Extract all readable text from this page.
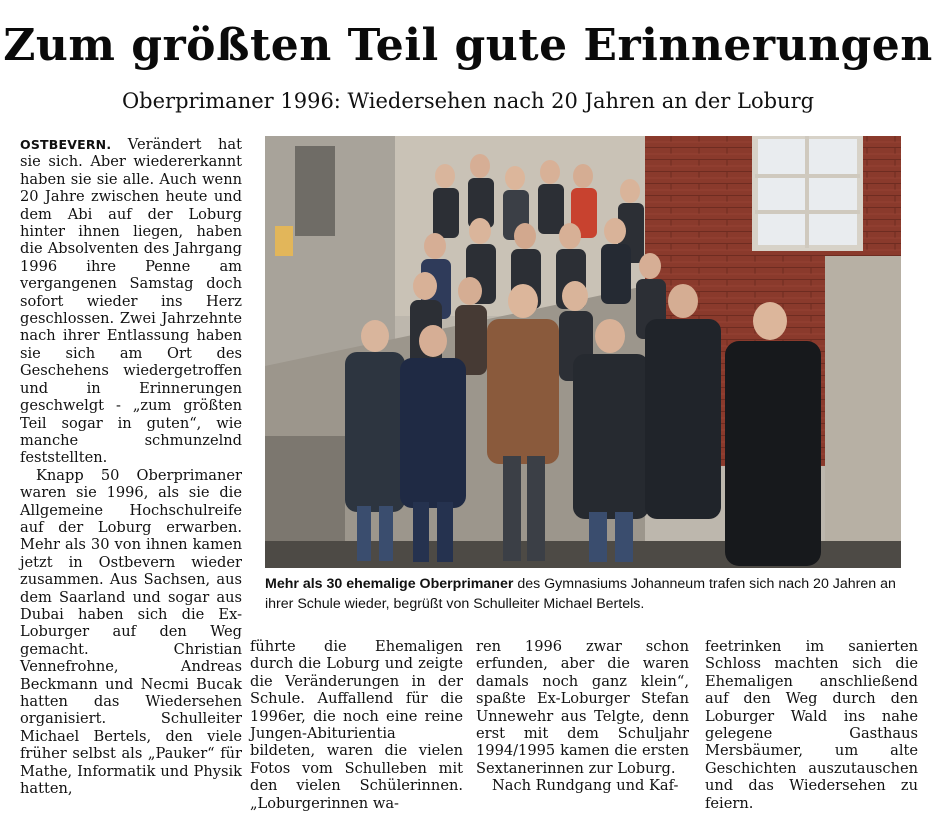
Zum größten Teil gute Erinnerungen
Oberprimaner 1996: Wiedersehen nach 20 Jahren an der Loburg

OSTBEVERN. Verändert hat sie sich. Aber wiedererkannt haben sie sie alle. Auch wenn 20 Jahre zwischen heute und dem Abi auf der Loburg hinter ihnen liegen, haben die Absolventen des Jahrgang 1996 ihre Penne am vergangenen Samstag doch sofort wieder ins Herz geschlossen. Zwei Jahrzehnte nach ihrer Entlassung haben sie sich am Ort des Geschehens wiedergetroffen und in Erinnerungen geschwelgt - „zum größten Teil sogar in guten“, wie manche schmunzelnd feststellten.

Knapp 50 Oberprimaner waren sie 1996, als sie die Allgemeine Hochschulreife auf der Loburg erwarben. Mehr als 30 von ihnen kamen jetzt in Ostbevern wieder zusammen. Aus Sachsen, aus dem Saarland und sogar aus Dubai haben sich die Ex-Loburger auf den Weg gemacht. Christian Vennefrohne, Andreas Beckmann und Necmi Bucak hatten das Wiedersehen organisiert. Schulleiter Michael Bertels, den viele früher selbst als „Pauker“ für Mathe, Informatik und Physik hatten,

Mehr als 30 ehemalige Oberprimaner des Gymnasiums Johanneum trafen sich nach 20 Jahren an ihrer Schule wieder, begrüßt von Schulleiter Michael Bertels.

führte die Ehemaligen durch die Loburg und zeigte die Veränderungen in der Schule. Auffallend für die 1996er, die noch eine reine Jungen-Abiturientia bildeten, waren die vielen Fotos vom Schulleben mit den vielen Schülerinnen. „Loburgerinnen wa-

ren 1996 zwar schon erfunden, aber die waren damals noch ganz klein“, spaßte Ex-Loburger Stefan Unnewehr aus Telgte, denn erst mit dem Schuljahr 1994/1995 kamen die ersten Sextanerinnen zur Loburg.

Nach Rundgang und Kaf-

feetrinken im sanierten Schloss machten sich die Ehemaligen anschließend auf den Weg durch den Loburger Wald ins nahe gelegene Gasthaus Mersbäumer, um alte Geschichten auszutauschen und das Wiedersehen zu feiern.
